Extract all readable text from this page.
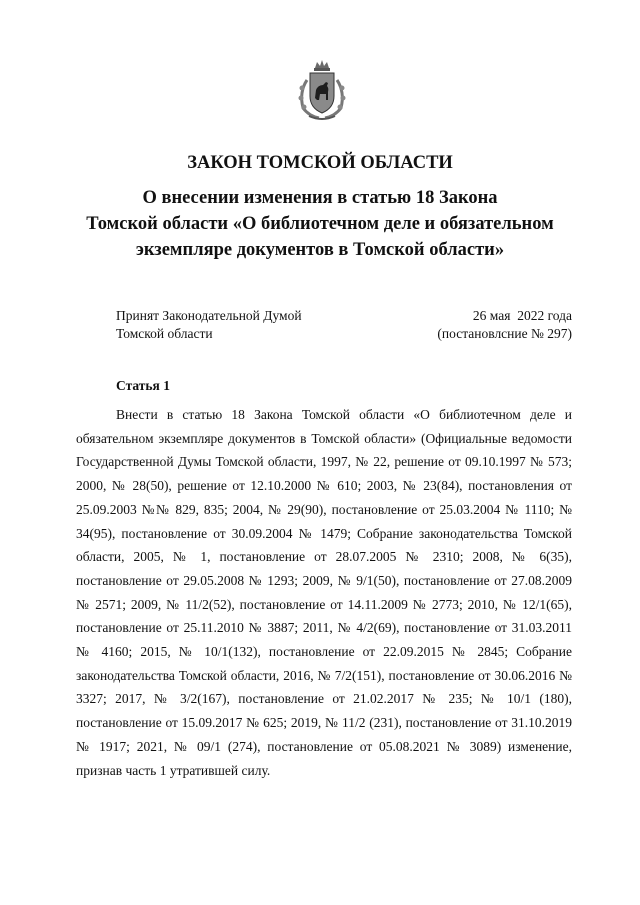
ЗАКОН ТОМСКОЙ ОБЛАСТИ
О внесении изменения в статью 18 Закона
Томской области «О библиотечном деле и обязательном
экземпляре документов в Томской области»
Принят Законодательной Думой
Томской области
26 мая  2022 года
(постановлсние № 297)
Статья 1

Внести в статью 18 Закона Томской области «О библиотечном деле и обязательном экземпляре документов в Томской области» (Официальные ведомости Государственной Думы Томской области, 1997, № 22, решение от 09.10.1997 № 573; 2000, № 28(50), решение от 12.10.2000 № 610; 2003, № 23(84), постановления от 25.09.2003 №№ 829, 835; 2004, № 29(90), постановление от 25.03.2004 № 1110; № 34(95), постановление от 30.09.2004 № 1479; Собрание законодательства Томской области, 2005, № 1, постановление от 28.07.2005 № 2310; 2008, № 6(35), постановление от 29.05.2008 № 1293; 2009, № 9/1(50), постановление от 27.08.2009 № 2571; 2009, № 11/2(52), постановление от 14.11.2009 № 2773; 2010, № 12/1(65), постановление от 25.11.2010 № 3887; 2011, № 4/2(69), постановление от 31.03.2011 № 4160; 2015, № 10/1(132), постановление от 22.09.2015 № 2845; Собрание законодательства Томской области, 2016, № 7/2(151), постановление от 30.06.2016 № 3327; 2017, № 3/2(167), постановление от 21.02.2017 № 235; № 10/1 (180), постановление от 15.09.2017 № 625; 2019, № 11/2 (231), постановление от 31.10.2019 № 1917; 2021, № 09/1 (274), постановление от 05.08.2021 № 3089) изменение, признав часть 1 утратившей силу.
